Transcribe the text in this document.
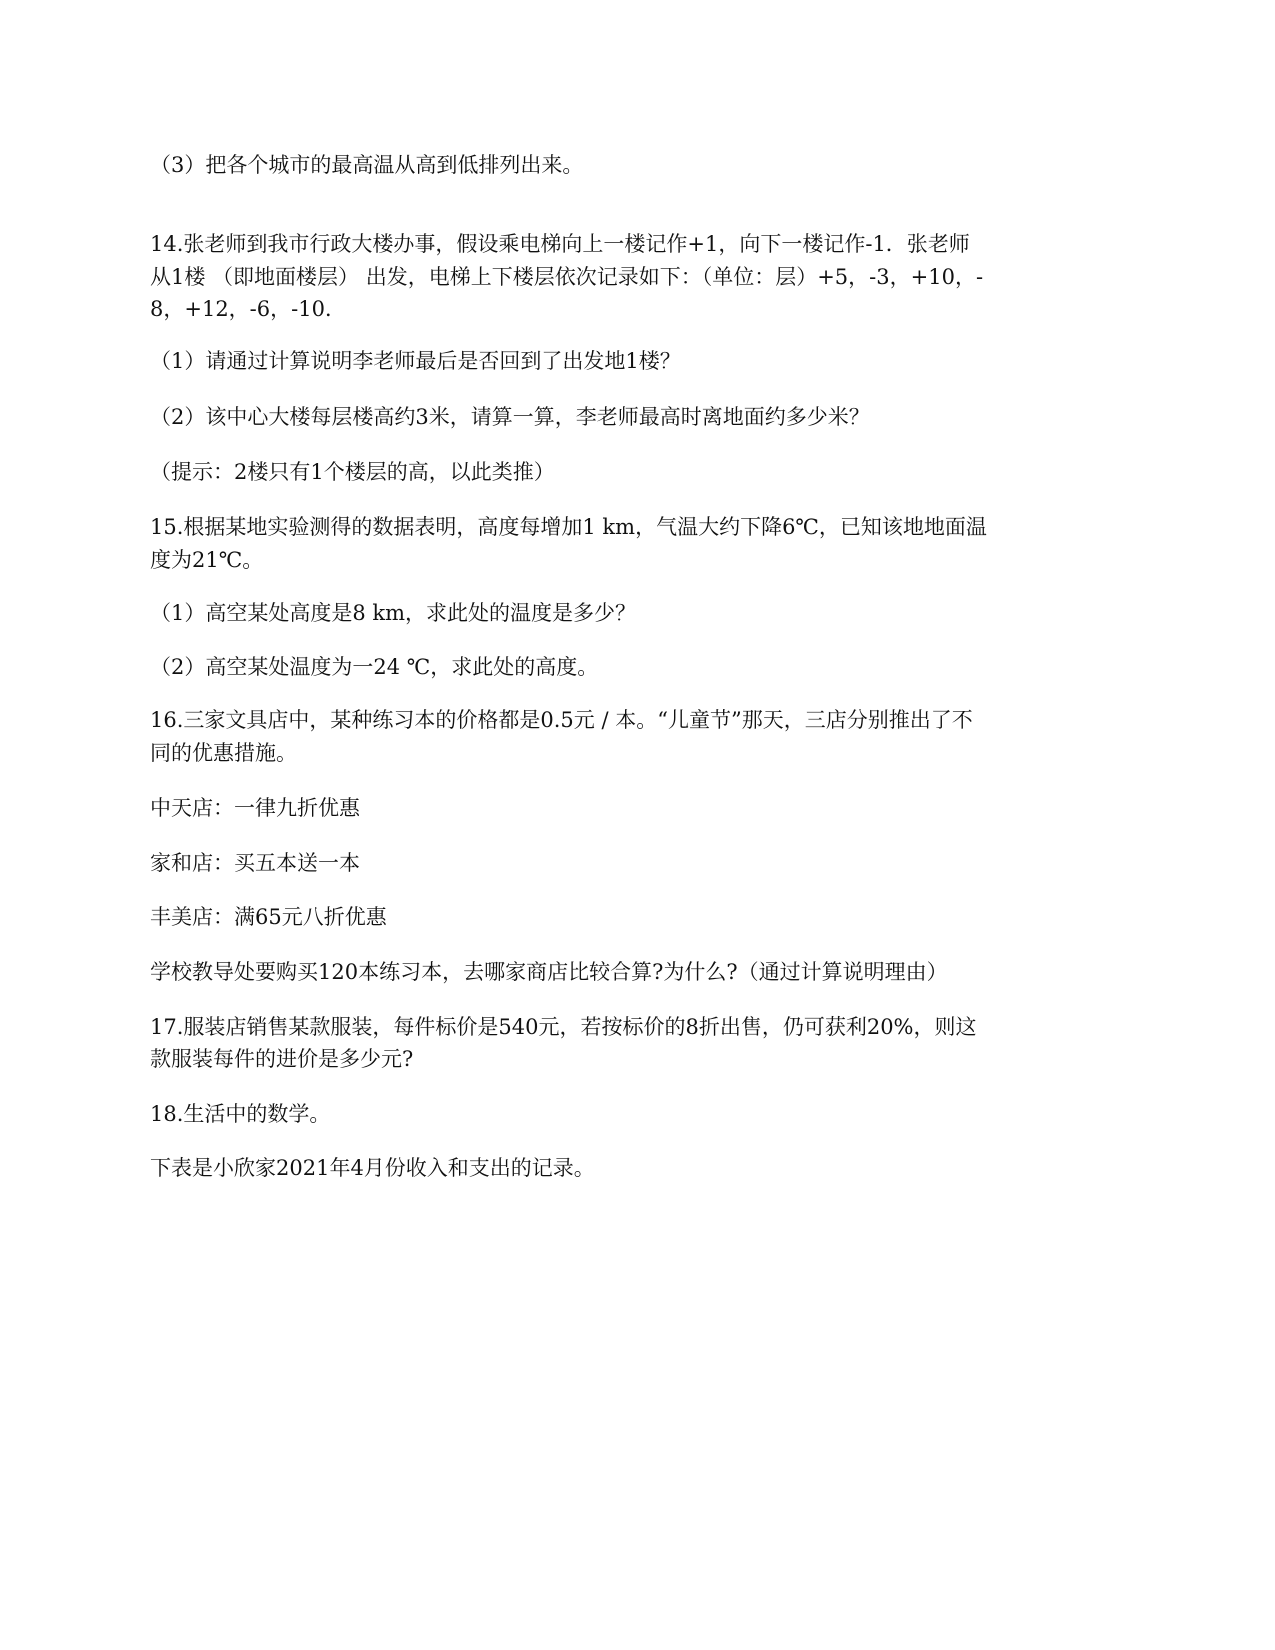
（3）把各个城市的最高温从高到低排列出来。
14.张老师到我市行政大楼办事，假设乘电梯向上一楼记作+1，向下一楼记作-1．张老师
从1楼 （即地面楼层） 出发，电梯上下楼层依次记录如下：（单位：层）+5，-3，+10，-
8，+12，-6，-10．
（1）请通过计算说明李老师最后是否回到了出发地1楼？
（2）该中心大楼每层楼高约3米，请算一算，李老师最高时离地面约多少米？
（提示：2楼只有1个楼层的高，以此类推）
15.根据某地实验测得的数据表明，高度每增加1 km，气温大约下降6℃，已知该地地面温
度为21℃。
（1）高空某处高度是8 km，求此处的温度是多少？
（2）高空某处温度为一24 ℃，求此处的高度。
16.三家文具店中，某种练习本的价格都是0.5元 / 本。“儿童节”那天，三店分别推出了不
同的优惠措施。
中天店：一律九折优惠
家和店：买五本送一本
丰美店：满65元八折优惠
学校教导处要购买120本练习本，去哪家商店比较合算?为什么?（通过计算说明理由）
17.服装店销售某款服装，每件标价是540元，若按标价的8折出售，仍可获利20%，则这
款服装每件的进价是多少元?
18.生活中的数学。
下表是小欣家2021年4月份收入和支出的记录。
